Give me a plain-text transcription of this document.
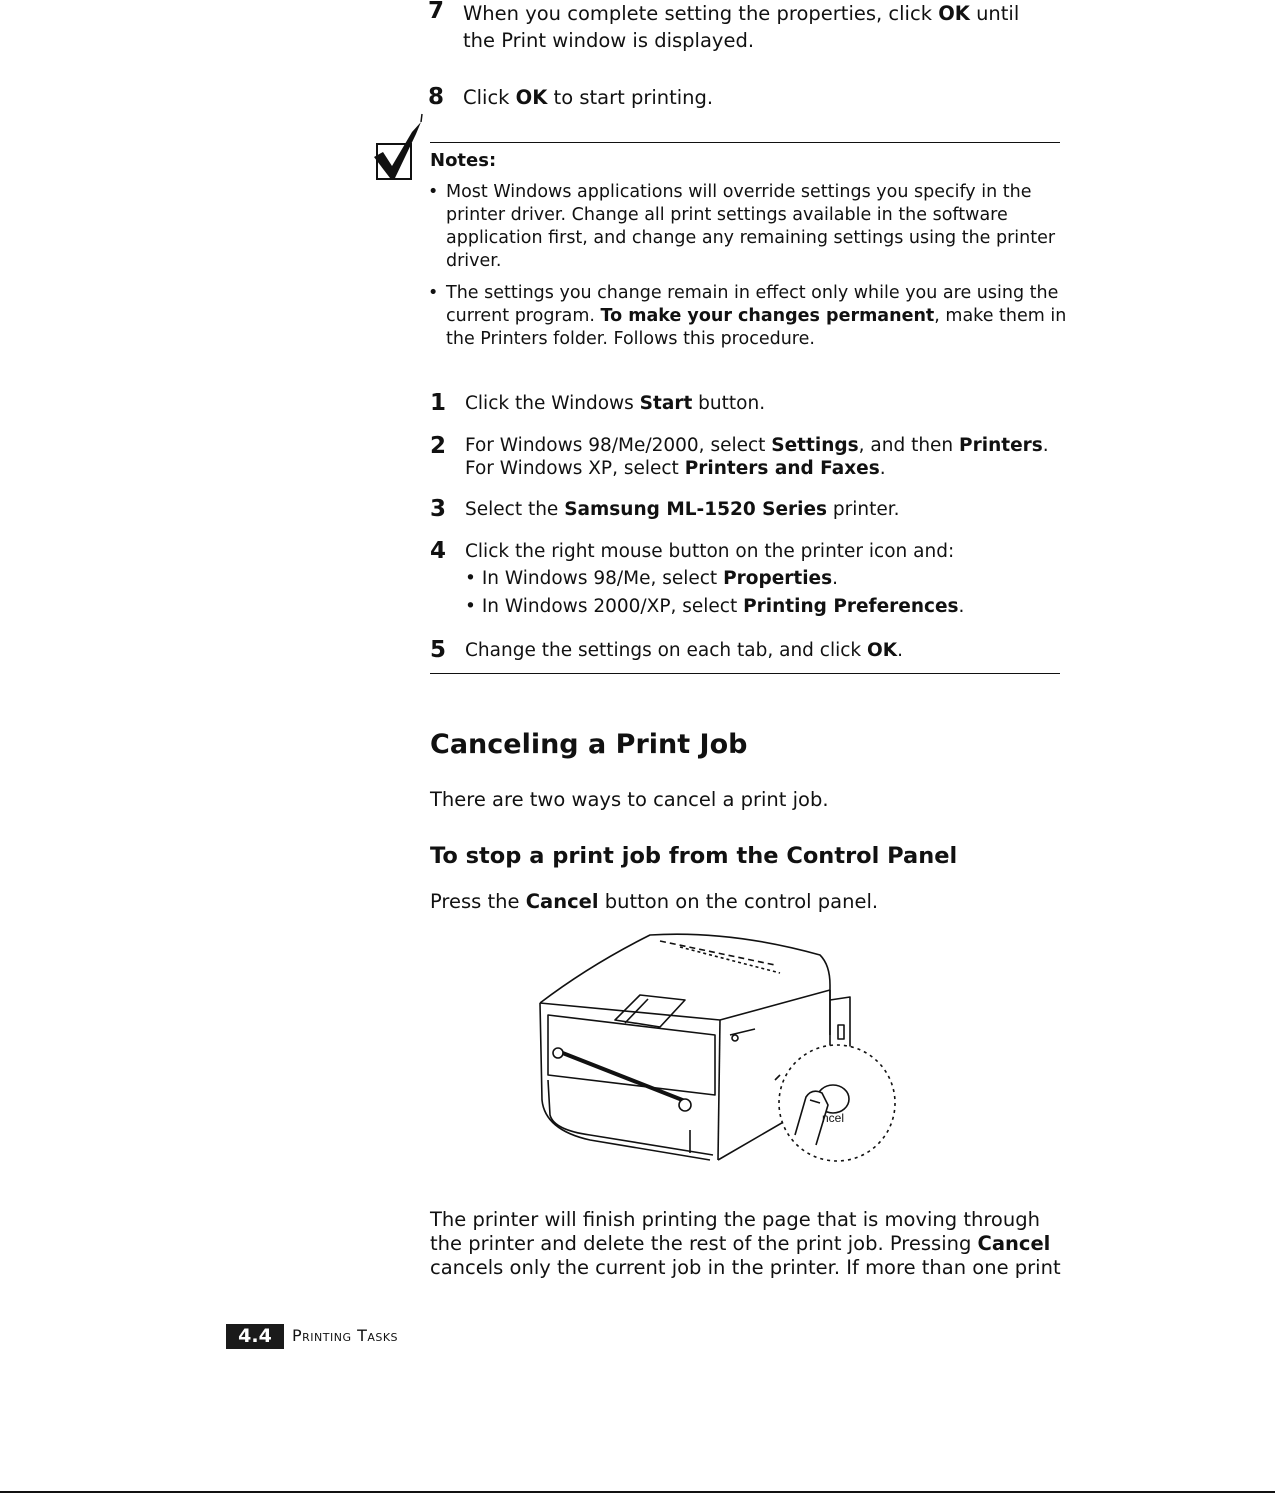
7 When you complete setting the properties, click OK until
the Print window is displayed.
8 Click OK to start printing.
Notes:
• Most Windows applications will override settings you specify in the printer driver. Change all print settings available in the software application first, and change any remaining settings using the printer driver.
• The settings you change remain in effect only while you are using the current program. To make your changes permanent, make them in the Printers folder. Follows this procedure.
1 Click the Windows Start button.
2 For Windows 98/Me/2000, select Settings, and then Printers.
For Windows XP, select Printers and Faxes.
3 Select the Samsung ML-1520 Series printer.
4 Click the right mouse button on the printer icon and:
• In Windows 98/Me, select Properties.
• In Windows 2000/XP, select Printing Preferences.
5 Change the settings on each tab, and click OK.
Canceling a Print Job
There are two ways to cancel a print job.
To stop a print job from the Control Panel
Press the Cancel button on the control panel.
ncel
The printer will finish printing the page that is moving through
the printer and delete the rest of the print job. Pressing Cancel
cancels only the current job in the printer. If more than one print
4.4	Printing Tasks
